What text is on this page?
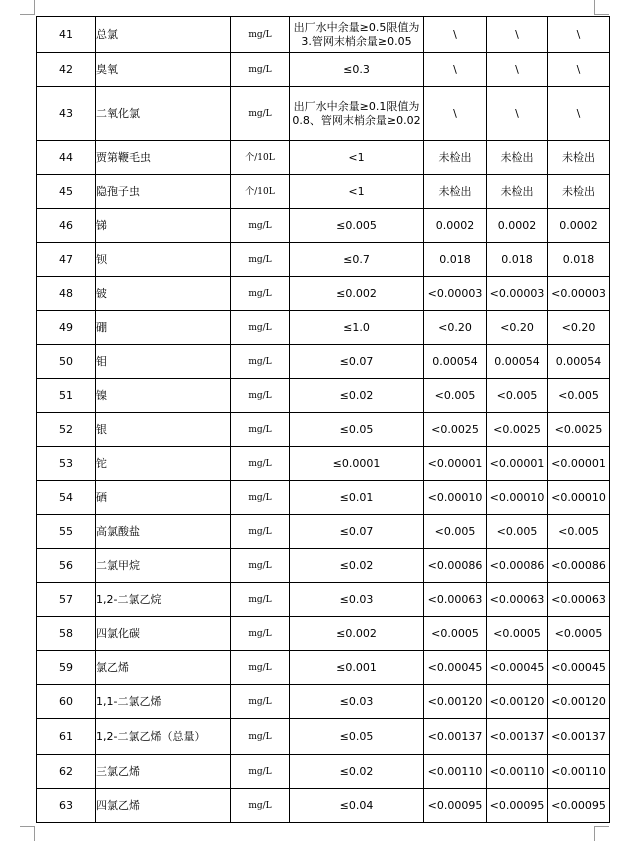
41	总氯	mg/L	出厂水中余量≥0.5限值为3.管网末梢余量≥0.05	\	\	\
42	臭氧	mg/L	≤0.3	\	\	\
43	二氧化氯	mg/L	出厂水中余量≥0.1限值为0.8、管网末梢余量≥0.02	\	\	\
44	贾第鞭毛虫	个/10L	<1	未检出	未检出	未检出
45	隐孢子虫	个/10L	<1	未检出	未检出	未检出
46	锑	mg/L	≤0.005	0.0002	0.0002	0.0002
47	钡	mg/L	≤0.7	0.018	0.018	0.018
48	铍	mg/L	≤0.002	<0.00003	<0.00003	<0.00003
49	硼	mg/L	≤1.0	<0.20	<0.20	<0.20
50	钼	mg/L	≤0.07	0.00054	0.00054	0.00054
51	镍	mg/L	≤0.02	<0.005	<0.005	<0.005
52	银	mg/L	≤0.05	<0.0025	<0.0025	<0.0025
53	铊	mg/L	≤0.0001	<0.00001	<0.00001	<0.00001
54	硒	mg/L	≤0.01	<0.00010	<0.00010	<0.00010
55	高氯酸盐	mg/L	≤0.07	<0.005	<0.005	<0.005
56	二氯甲烷	mg/L	≤0.02	<0.00086	<0.00086	<0.00086
57	1,2-二氯乙烷	mg/L	≤0.03	<0.00063	<0.00063	<0.00063
58	四氯化碳	mg/L	≤0.002	<0.0005	<0.0005	<0.0005
59	氯乙烯	mg/L	≤0.001	<0.00045	<0.00045	<0.00045
60	1,1-二氯乙烯	mg/L	≤0.03	<0.00120	<0.00120	<0.00120
61	1,2-二氯乙烯（总量）	mg/L	≤0.05	<0.00137	<0.00137	<0.00137
62	三氯乙烯	mg/L	≤0.02	<0.00110	<0.00110	<0.00110
63	四氯乙烯	mg/L	≤0.04	<0.00095	<0.00095	<0.00095
